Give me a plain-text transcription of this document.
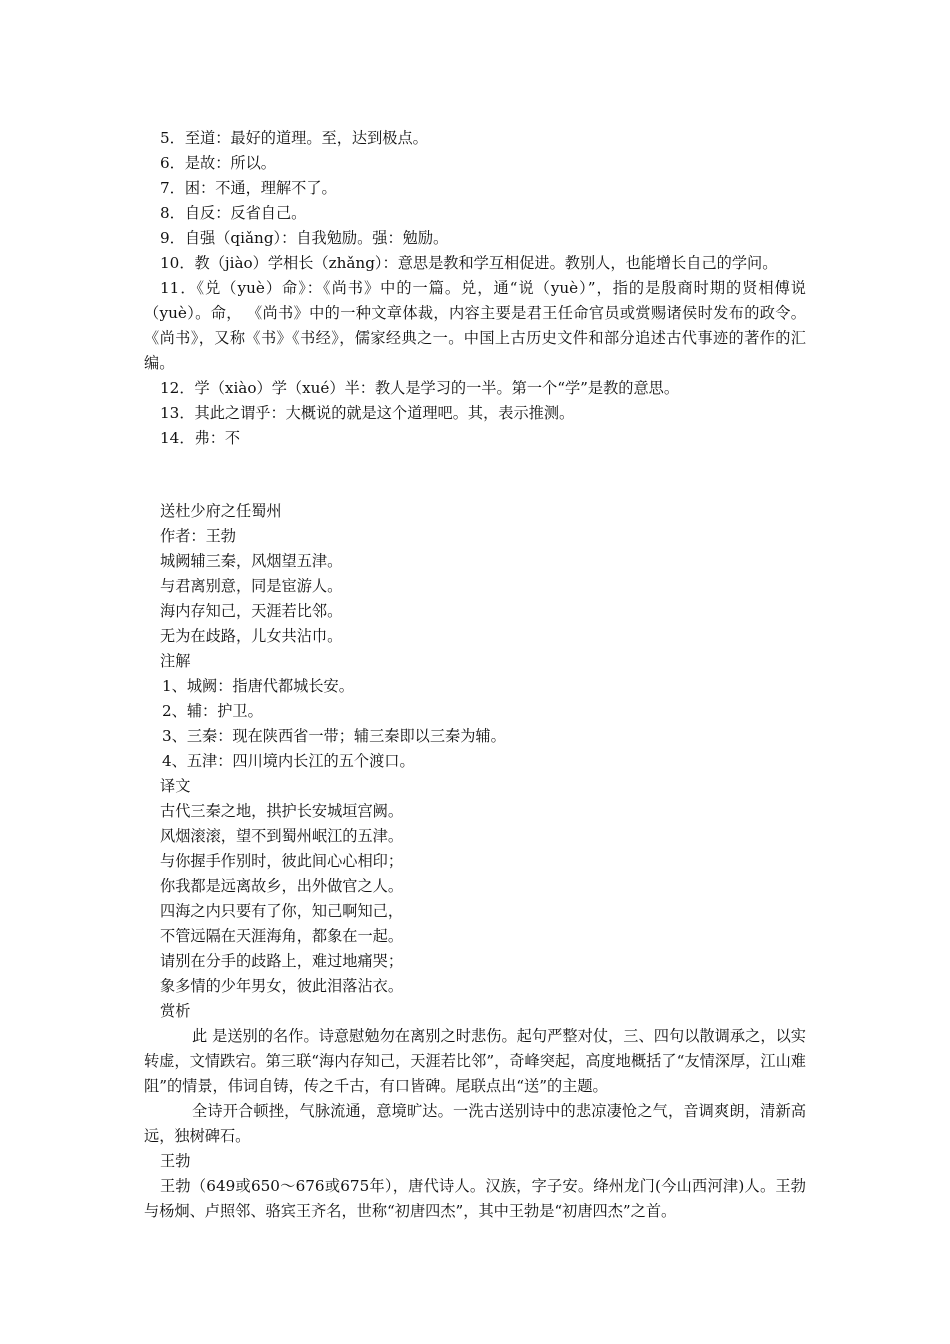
5．至道：最好的道理。至，达到极点。
6．是故：所以。
7．困：不通，理解不了。
8．自反：反省自己。
9．自强（qiǎng）：自我勉励。强：勉励。
10．教（jiào）学相长（zhǎng）：意思是教和学互相促进。教别人，也能增长自己的学问。
11．《兑（yuè）命》：《尚书》中的一篇。兑，通“说（yuè）”，指的是殷商时期的贤相傅说（yuè）。命， 《尚书》中的一种文章体裁，内容主要是君王任命官员或赏赐诸侯时发布的政令。《尚书》，又称《书》《书经》，儒家经典之一。中国上古历史文件和部分追述古代事迹的著作的汇编。
12．学（xiào）学（xué）半：教人是学习的一半。第一个“学”是教的意思。
13．其此之谓乎：大概说的就是这个道理吧。其，表示推测。
14．弗：不
送杜少府之任蜀州
作者：王勃
城阙辅三秦，风烟望五津。
与君离别意，同是宦游人。
海内存知己，天涯若比邻。
无为在歧路，儿女共沾巾。
注解
1、城阙：指唐代都城长安。
2、辅：护卫。
3、三秦：现在陕西省一带；辅三秦即以三秦为辅。
4、五津：四川境内长江的五个渡口。
译文
古代三秦之地，拱护长安城垣宫阙。
风烟滚滚，望不到蜀州岷江的五津。
与你握手作别时，彼此间心心相印；
你我都是远离故乡，出外做官之人。
四海之内只要有了你，知己啊知己，
不管远隔在天涯海角，都象在一起。
请别在分手的歧路上，难过地痛哭；
象多情的少年男女，彼此泪落沾衣。
赏析
此 是送别的名作。诗意慰勉勿在离别之时悲伤。起句严整对仗，三、四句以散调承之，以实转虚，文情跌宕。第三联“海内存知己，天涯若比邻”，奇峰突起，高度地概括了“友情深厚，江山难阻”的情景，伟词自铸，传之千古，有口皆碑。尾联点出“送”的主题。
全诗开合顿挫，气脉流通，意境旷达。一洗古送别诗中的悲凉凄怆之气，音调爽朗，清新高远，独树碑石。
王勃
王勃（649或650～676或675年），唐代诗人。汉族，字子安。绛州龙门(今山西河津)人。王勃与杨炯、卢照邻、骆宾王齐名，世称“初唐四杰”，其中王勃是“初唐四杰”之首。
